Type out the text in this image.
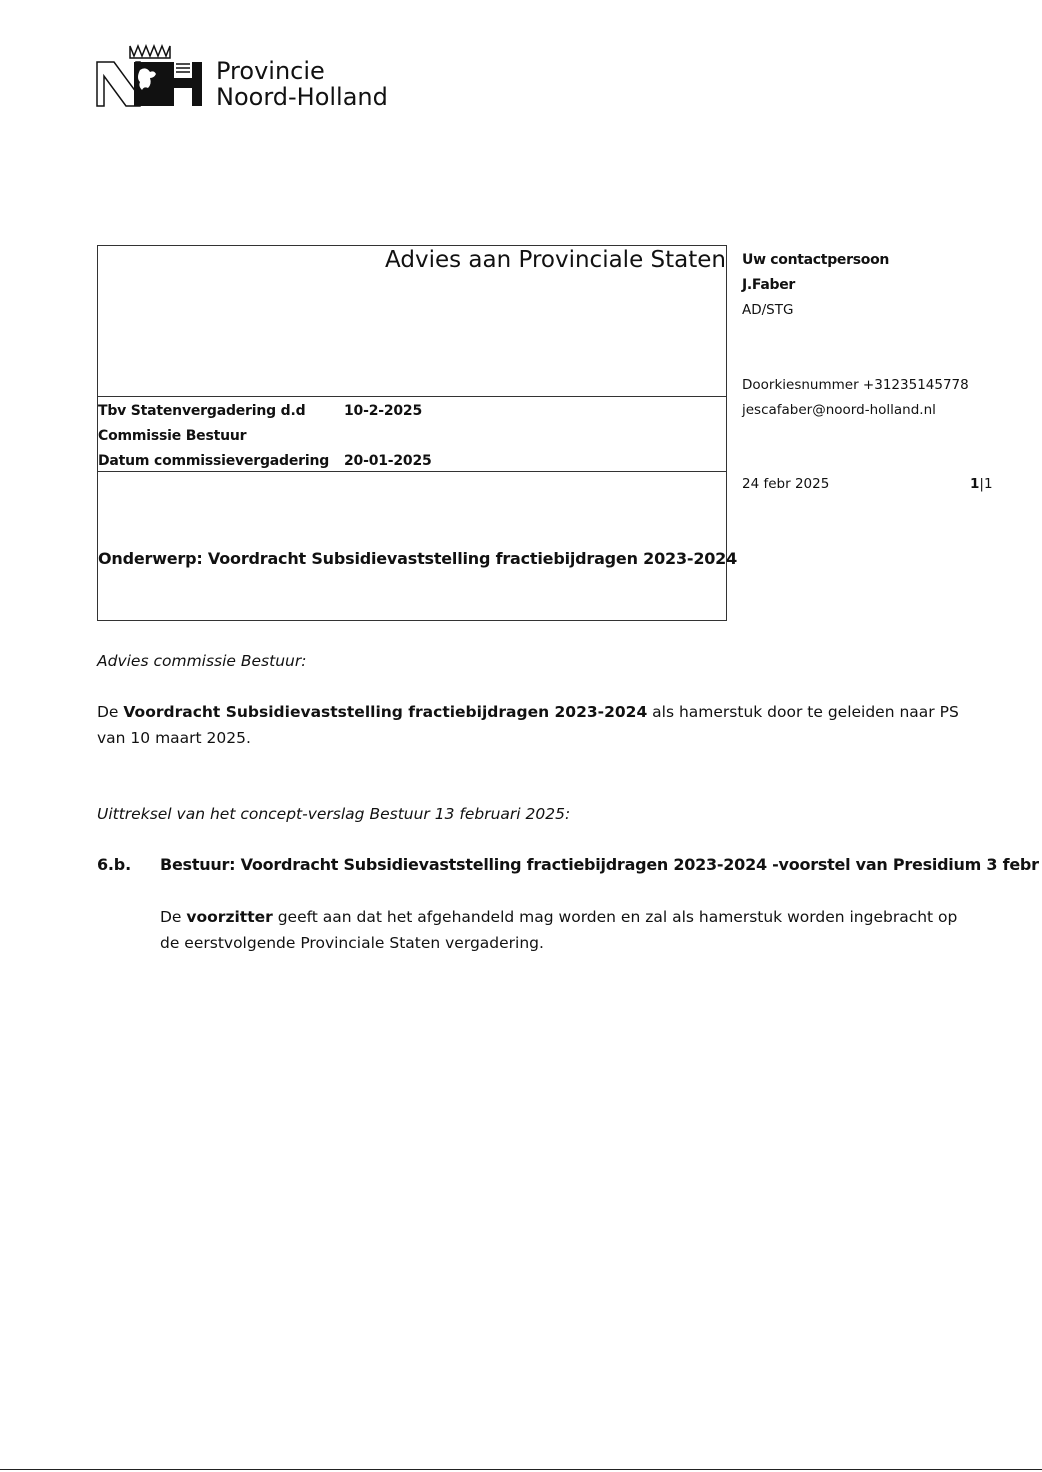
Provincie
Noord-Holland
Advies aan Provinciale Staten
Tbv Statenvergadering d.d	10-2-2025
Commissie Bestuur
Datum commissievergadering 20-01-2025
Onderwerp: Voordracht Subsidievaststelling fractiebijdragen 2023-2024
Uw contactpersoon
J.Faber
AD/STG
Doorkiesnummer +31235145778
jescafaber@noord-holland.nl
24 febr 2025	1|1
Advies commissie Bestuur:
De Voordracht Subsidievaststelling fractiebijdragen 2023-2024 als hamerstuk door te geleiden naar PS
van 10 maart 2025.
Uittreksel van het concept-verslag Bestuur 13 februari 2025:
6.b. Bestuur: Voordracht Subsidievaststelling fractiebijdragen 2023-2024 -voorstel van Presidium 3 febr
De voorzitter geeft aan dat het afgehandeld mag worden en zal als hamerstuk worden ingebracht op
de eerstvolgende Provinciale Staten vergadering.
